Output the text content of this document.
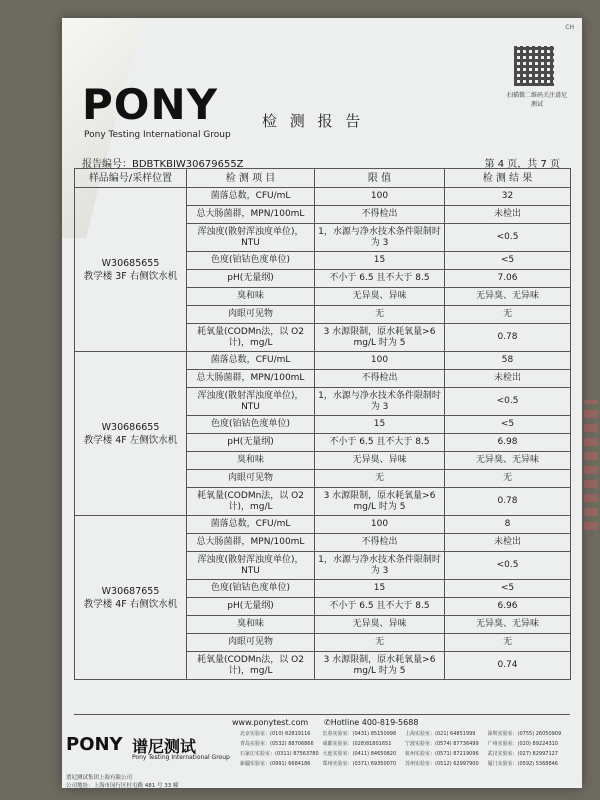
CH
PONY
Pony Testing International Group
检 测 报 告
扫描微二维码关注谱尼测试
报告编号：BDBTKBIW30679655Z	第 4 页，共 7 页
样品编号/采样位置	检 测 项 目	限 值	检 测 结 果

W30685655
教学楼 3F 右侧饮水机	菌落总数，CFU/mL	100	32
	总大肠菌群，MPN/100mL	不得检出	未检出
	浑浊度(散射浑浊度单位)，NTU	1，水源与净水技术条件限制时为 3	<0.5
	色度(铂钴色度单位)	15	<5
	pH(无量纲)	不小于 6.5 且不大于 8.5	7.06
	臭和味	无异臭、异味	无异臭、无异味
	肉眼可见物	无	无
	耗氧量(CODMn法，以 O2计)，mg/L	3 水源限制，原水耗氧量>6 mg/L 时为 5	0.78

W30686655
教学楼 4F 左侧饮水机	菌落总数，CFU/mL	100	58
	总大肠菌群，MPN/100mL	不得检出	未检出
	浑浊度(散射浑浊度单位)，NTU	1，水源与净水技术条件限制时为 3	<0.5
	色度(铂钴色度单位)	15	<5
	pH(无量纲)	不小于 6.5 且不大于 8.5	6.98
	臭和味	无异臭、异味	无异臭、无异味
	肉眼可见物	无	无
	耗氧量(CODMn法，以 O2计)，mg/L	3 水源限制，原水耗氧量>6 mg/L 时为 5	0.78

W30687655
教学楼 4F 右侧饮水机	菌落总数，CFU/mL	100	8
	总大肠菌群，MPN/100mL	不得检出	未检出
	浑浊度(散射浑浊度单位)，NTU	1，水源与净水技术条件限制时为 3	<0.5
	色度(铂钴色度单位)	15	<5
	pH(无量纲)	不小于 6.5 且不大于 8.5	6.96
	臭和味	无异臭、异味	无异臭、无异味
	肉眼可见物	无	无
	耗氧量(CODMn法，以 O2计)，mg/L	3 水源限制，原水耗氧量>6 mg/L 时为 5	0.74
www.ponytest.com ✆Hotline 400-819-5688
PONY 谱尼测试
Pony Testing International Group
谱尼测试集团上海有限公司
公司地址：上海市闵行区杜屯路 481 号 33 幢
北京实验室：(010) 82819116	长春实验室：(0431) 85150998	上海实验室：(021) 64851999	深圳实验室：(0755) 26050909
青岛实验室：(0532) 88706866	成都实验室：(028)81801651	宁波实验室：(0574) 87736499	广州实验室：(020) 89224310
石家庄实验室：(0311) 87563780 大连实验室：(0411) 84650820	杭州实验室：(0571) 87219096	武汉实验室：(027) 82997127
新疆实验室：(0991) 6684186	郑州实验室：(0371) 69350070	苏州实验室：(0512) 62997900	厦门实验室：(0592) 5368846
